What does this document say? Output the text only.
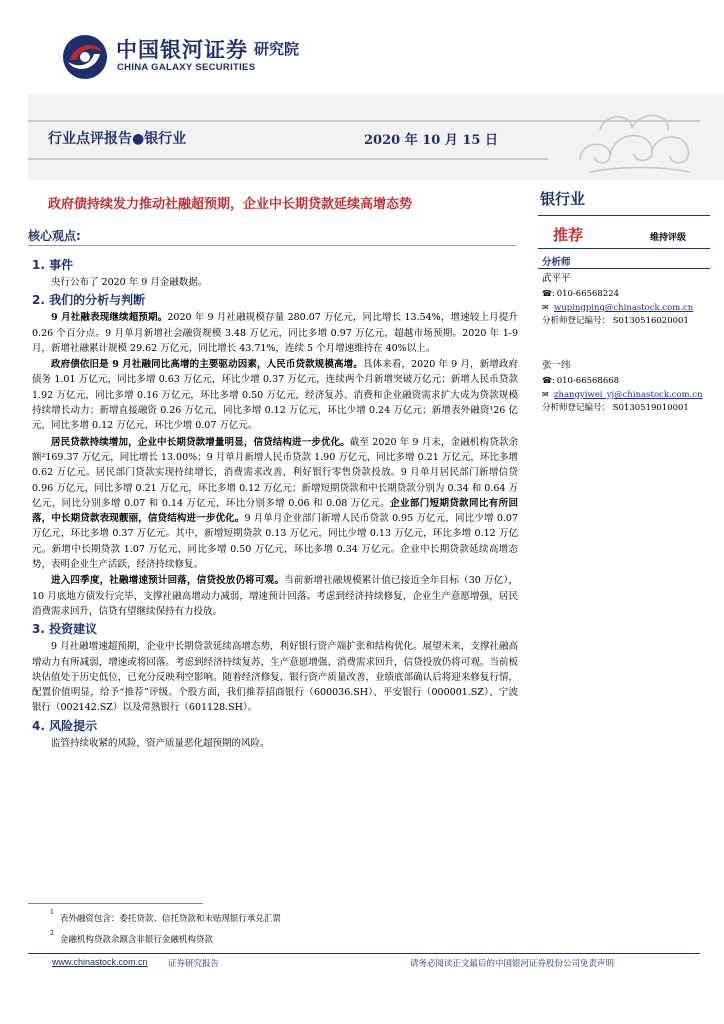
中国银河证券 研究院
CHINA GALAXY SECURITIES
行业点评报告●银行业	2020 年 10 月 15 日
政府债持续发力推动社融超预期，企业中长期贷款延续高增态势
核心观点:
1. 事件

央行公布了 2020 年 9 月金融数据。

2. 我们的分析与判断

9 月社融表现继续超预期。2020 年 9 月社融规模存量 280.07 万亿元，同比增长 13.54%，增速较上月提升 0.26 个百分点。9 月单月新增社会融资规模 3.48 万亿元，同比多增 0.97 万亿元，超越市场预期。2020 年 1-9 月，新增社融累计规模 29.62 万亿元，同比增长 43.71%，连续 5 个月增速维持在 40%以上。

政府债依旧是 9 月社融同比高增的主要驱动因素，人民币贷款规模高增。具体来看，2020 年 9 月，新增政府债务 1.01 万亿元，同比多增 0.63 万亿元，环比少增 0.37 万亿元，连续两个月新增突破万亿元；新增人民币贷款 1.92 万亿元，同比多增 0.16 万亿元，环比多增 0.50 万亿元，经济复苏、消费和企业融资需求扩大成为贷款规模持续增长动力；新增直接融资 0.26 万亿元，同比多增 0.12 万亿元，环比少增 0.24 万亿元；新增表外融资¹26 亿元，同比多增 0.12 万亿元，环比少增 0.07 万亿元。

居民贷款持续增加，企业中长期贷款增量明显，信贷结构进一步优化。截至 2020 年 9 月末，金融机构贷款余额²169.37 万亿元，同比增长 13.00%；9 月单月新增人民币贷款 1.90 万亿元，同比多增 0.21 万亿元，环比多增 0.62 万亿元。居民部门贷款实现持续增长，消费需求改善，利好银行零售贷款投放。9 月单月居民部门新增信贷 0.96 万亿元，同比多增 0.21 万亿元，环比多增 0.12 万亿元；新增短期贷款和中长期贷款分别为 0.34 和 0.64 万亿元，同比分别多增 0.07 和 0.14 万亿元，环比分别多增 0.06 和 0.08 万亿元。企业部门短期贷款同比有所回落，中长期贷款表现靓丽，信贷结构进一步优化。9 月单月企业部门新增人民币贷款 0.95 万亿元，同比少增 0.07 万亿元，环比多增 0.37 万亿元。其中，新增短期贷款 0.13 万亿元，同比少增 0.13 万亿元，环比多增 0.12 万亿元。新增中长期贷款 1.07 万亿元，同比多增 0.50 万亿元，环比多增 0.34 万亿元。企业中长期贷款延续高增态势，表明企业生产活跃，经济持续修复。

进入四季度，社融增速预计回落，信贷投放仍将可观。当前新增社融规模累计值已接近全年目标（30 万亿），10 月底地方债发行完毕，支撑社融高增动力减弱，增速预计回落。考虑到经济持续修复，企业生产意愿增强，居民消费需求回升，信贷有望继续保持有力投放。

3. 投资建议

9 月社融增速超预期，企业中长期贷款延续高增态势，利好银行资产端扩张和结构优化。展望未来，支撑社融高增动力有所减弱，增速或将回落。考虑到经济持续复苏，生产意愿增强、消费需求回升，信贷投放仍将可观。当前板块估值处于历史低位，已充分反映利空影响。随着经济修复，银行资产质量改善，业绩底部确认后将迎来修复行情，配置价值明显，给予“推荐”评级。个股方面，我们推荐招商银行（600036.SH）、平安银行（000001.SZ）、宁波银行（002142.SZ）以及常熟银行（601128.SH）。

4. 风险提示

监管持续收紧的风险，资产质量恶化超预期的风险。

银行业
推荐	维持评级
分析师
武平平
☎: 010-66568224
✉ wupingping@chinastock.com.cn
分析师登记编号： S0130516020001
张一纬
☎: 010-66568668
✉ zhangyiwei_yj@chinastock.com.cn
分析师登记编号： S0130519010001
$^1$表外融资包含：委托贷款、信托贷款和未贴现银行承兑汇票
$^2$金融机构贷款余额含非银行金融机构贷款
www.chinastock.com.cn 证券研究报告	请务必阅读正文最后的中国银河证券股份公司免责声明
